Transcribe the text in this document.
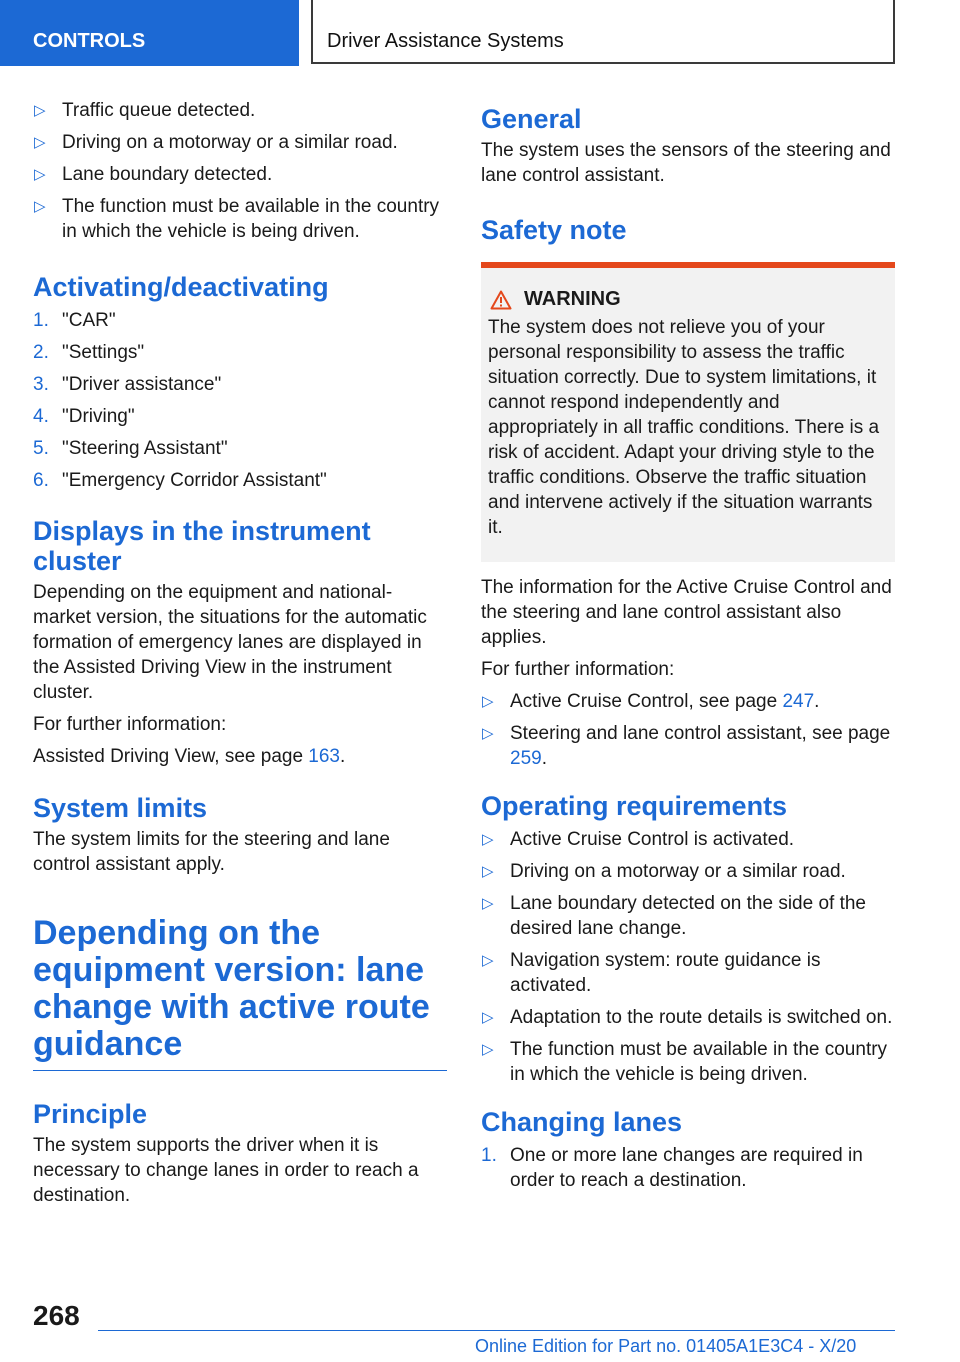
CONTROLS	Driver Assistance Systems
▷ Traffic queue detected.
▷ Driving on a motorway or a similar road.
▷ Lane boundary detected.
▷ The function must be available in the country in which the vehicle is being driven.
Activating/deactivating
1. "CAR"
2. "Settings"
3. "Driver assistance"
4. "Driving"
5. "Steering Assistant"
6. "Emergency Corridor Assistant"
Displays in the instrument cluster

Depending on the equipment and national-market version, the situations for the automatic formation of emergency lanes are displayed in the Assisted Driving View in the instrument cluster.

For further information:

Assisted Driving View, see page 163.

System limits

The system limits for the steering and lane control assistant apply.

Depending on the equipment version: lane change with active route guidance
Principle

The system supports the driver when it is necessary to change lanes in order to reach a destination.

General

The system uses the sensors of the steering and lane control assistant.

Safety note
WARNING

The system does not relieve you of your personal responsibility to assess the traffic situation correctly. Due to system limitations, it cannot respond independently and appropriately in all traffic conditions. There is a risk of accident. Adapt your driving style to the traffic conditions. Observe the traffic situation and intervene actively if the situation warrants it.

The information for the Active Cruise Control and the steering and lane control assistant also applies.

For further information:

▷ Active Cruise Control, see page 247.
▷ Steering and lane control assistant, see page 259.
Operating requirements
▷ Active Cruise Control is activated.
▷ Driving on a motorway or a similar road.
▷ Lane boundary detected on the side of the desired lane change.
▷ Navigation system: route guidance is activated.
▷ Adaptation to the route details is switched on.
▷ The function must be available in the country in which the vehicle is being driven.
Changing lanes
1. One or more lane changes are required in order to reach a destination.
268
Online Edition for Part no. 01405A1E3C4 - X/20
